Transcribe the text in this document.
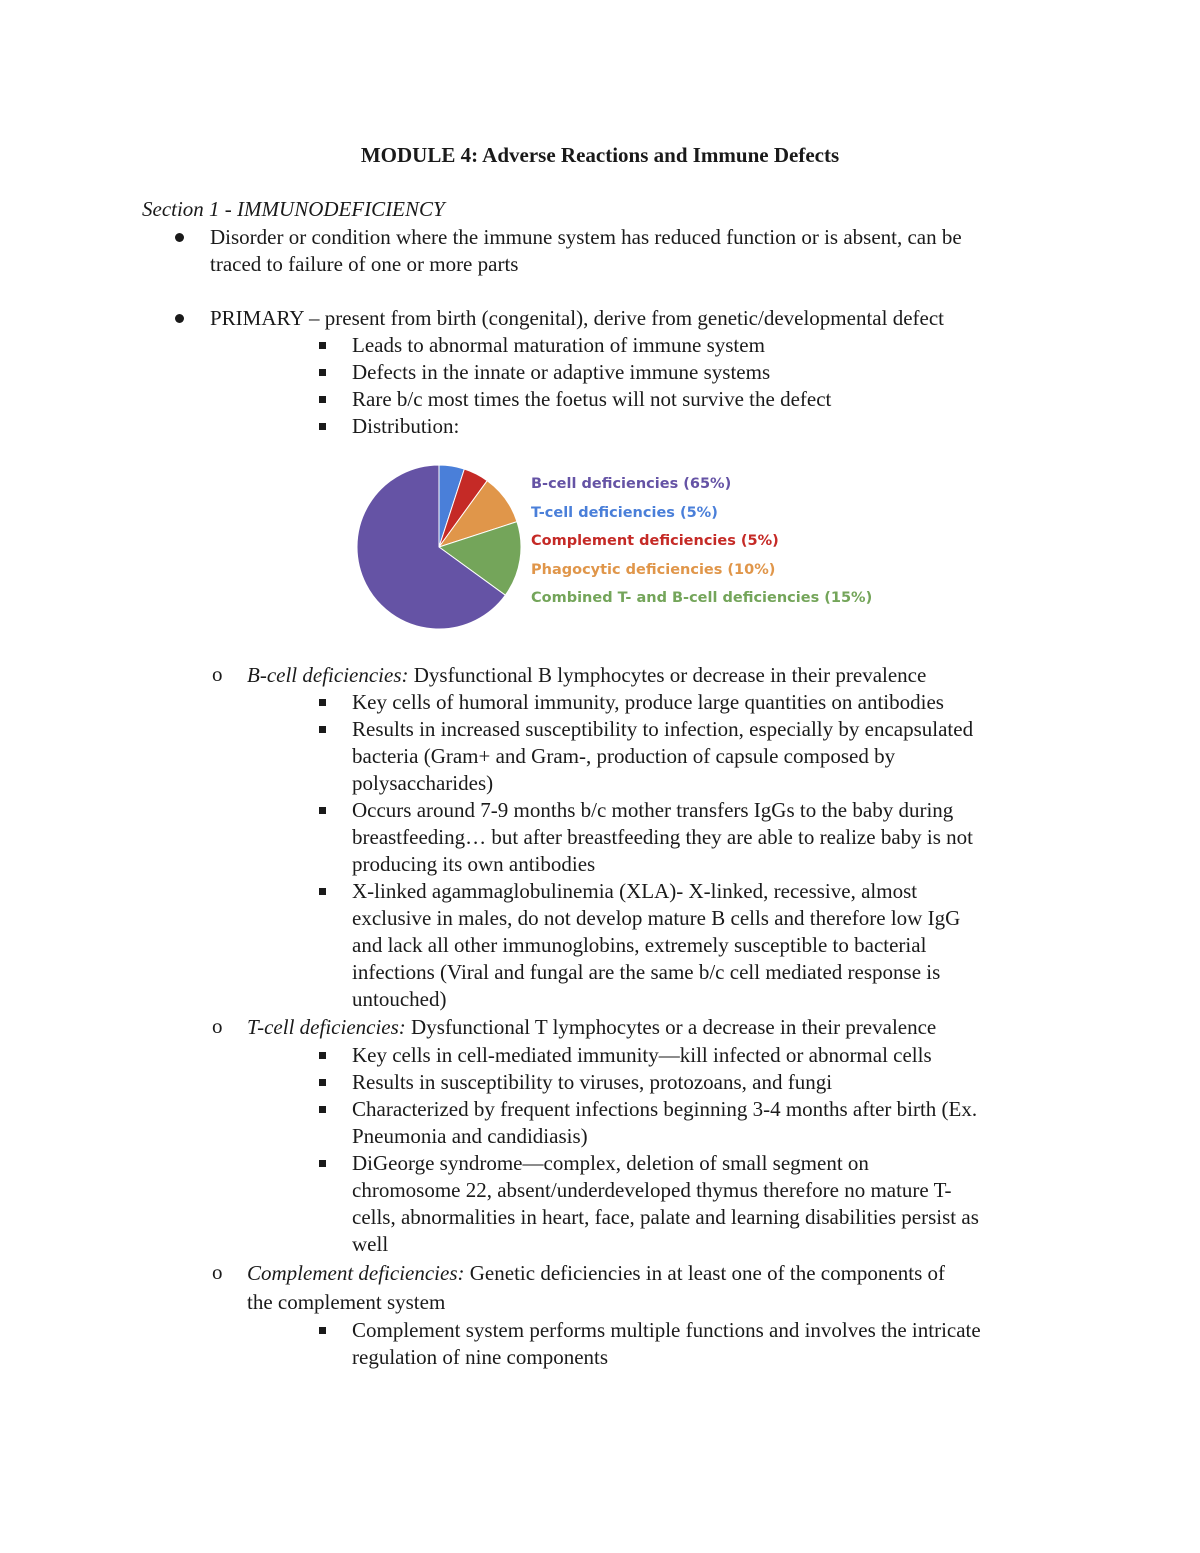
MODULE 4: Adverse Reactions and Immune Defects
Section 1 - IMMUNODEFICIENCY
Disorder or condition where the immune system has reduced function or is absent, can be
traced to failure of one or more parts
PRIMARY – present from birth (congenital), derive from genetic/developmental defect
Leads to abnormal maturation of immune system
Defects in the innate or adaptive immune systems
Rare b/c most times the foetus will not survive the defect
Distribution:
B-cell deficiencies (65%)
T-cell deficiencies (5%)
Complement deficiencies (5%)
Phagocytic deficiencies (10%)
Combined T- and B-cell deficiencies (15%)
o B-cell deficiencies: Dysfunctional B lymphocytes or decrease in their prevalence
Key cells of humoral immunity, produce large quantities on antibodies
Results in increased susceptibility to infection, especially by encapsulated
bacteria (Gram+ and Gram-, production of capsule composed by
polysaccharides)
Occurs around 7-9 months b/c mother transfers IgGs to the baby during
breastfeeding… but after breastfeeding they are able to realize baby is not
producing its own antibodies
X-linked agammaglobulinemia (XLA)- X-linked, recessive, almost
exclusive in males, do not develop mature B cells and therefore low IgG
and lack all other immunoglobins, extremely susceptible to bacterial
infections (Viral and fungal are the same b/c cell mediated response is
untouched)
o T-cell deficiencies: Dysfunctional T lymphocytes or a decrease in their prevalence
Key cells in cell-mediated immunity—kill infected or abnormal cells
Results in susceptibility to viruses, protozoans, and fungi
Characterized by frequent infections beginning 3-4 months after birth (Ex.
Pneumonia and candidiasis)
DiGeorge syndrome—complex, deletion of small segment on
chromosome 22, absent/underdeveloped thymus therefore no mature T-
cells, abnormalities in heart, face, palate and learning disabilities persist as
well
o Complement deficiencies: Genetic deficiencies in at least one of the components of
the complement system
Complement system performs multiple functions and involves the intricate
regulation of nine components
